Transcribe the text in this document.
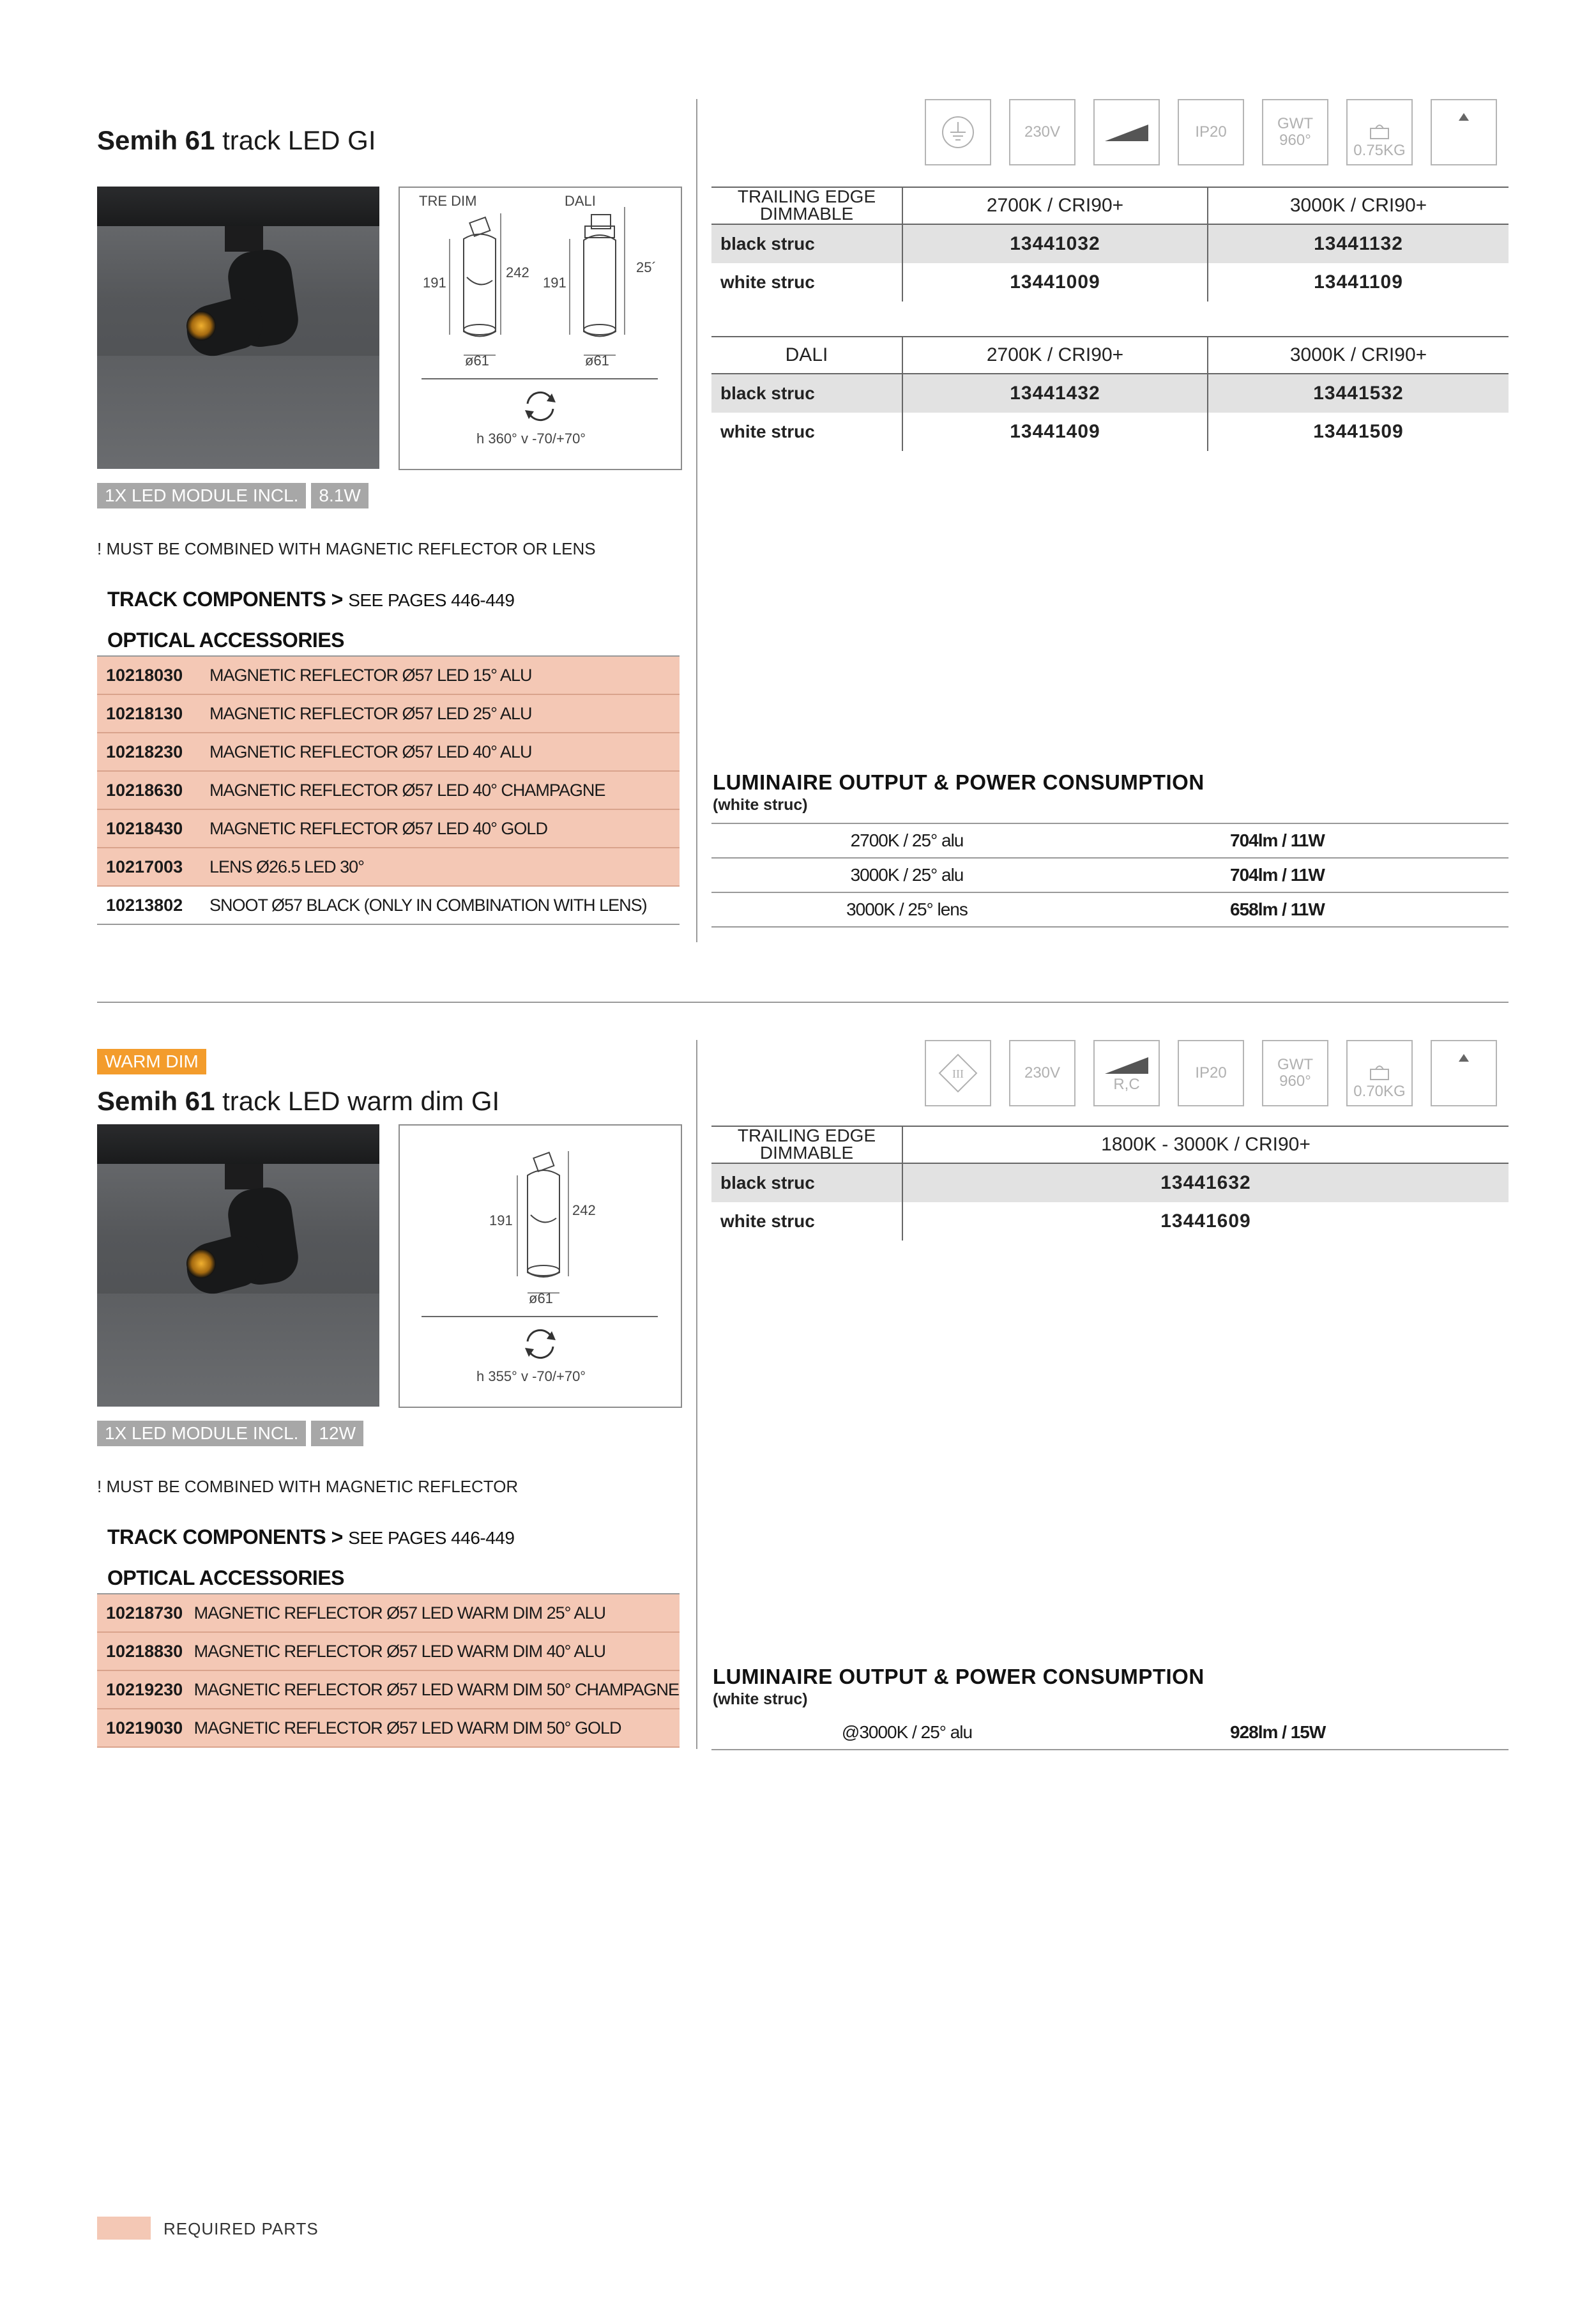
Semih 61 track LED GI	230V	IP20	GWT
960°
0.75KG
TRE DIM	DALI
191
242
191
25´
ø61	ø61
h 360° v -70/+70°
1X LED MODULE INCL.	8.1W
! MUST BE COMBINED WITH MAGNETIC REFLECTOR OR LENS
TRACK COMPONENTS > SEE PAGES 446-449
OPTICAL ACCESSORIES
10218030	MAGNETIC REFLECTOR Ø57 LED 15° ALU
10218130	MAGNETIC REFLECTOR Ø57 LED 25° ALU
10218230	MAGNETIC REFLECTOR Ø57 LED 40° ALU
10218630	MAGNETIC REFLECTOR Ø57 LED 40° CHAMPAGNE
10218430	MAGNETIC REFLECTOR Ø57 LED 40° GOLD
10217003	LENS Ø26.5 LED 30°
10213802	SNOOT Ø57 BLACK (ONLY IN COMBINATION WITH LENS)
TRAILING EDGE DIMMABLE	2700K / CRI90+	3000K / CRI90+
black struc	13441032	13441132
white struc	13441009	13441109
DALI	2700K / CRI90+	3000K / CRI90+
black struc	13441432	13441532
white struc	13441409	13441509
LUMINAIRE OUTPUT & POWER CONSUMPTION
(white struc)
2700K / 25° alu	704lm / 11W
3000K / 25° alu	704lm / 11W
3000K / 25° lens	658lm / 11W
WARM DIM
Semih 61 track LED warm dim GI
III	230V
R,C
IP20	GWT
960°
0.70KG
191
242
ø61
h 355° v -70/+70°
1X LED MODULE INCL.	12W
! MUST BE COMBINED WITH MAGNETIC REFLECTOR
TRACK COMPONENTS > SEE PAGES 446-449
OPTICAL ACCESSORIES
10218730	MAGNETIC REFLECTOR Ø57 LED WARM DIM 25° ALU
10218830	MAGNETIC REFLECTOR Ø57 LED WARM DIM 40° ALU
10219230	MAGNETIC REFLECTOR Ø57 LED WARM DIM 50° CHAMPAGNE
10219030	MAGNETIC REFLECTOR Ø57 LED WARM DIM 50° GOLD
TRAILING EDGE DIMMABLE	1800K - 3000K / CRI90+
black struc	13441632
white struc	13441609
LUMINAIRE OUTPUT & POWER CONSUMPTION
(white struc)
@3000K / 25° alu	928lm / 15W
REQUIRED PARTS
